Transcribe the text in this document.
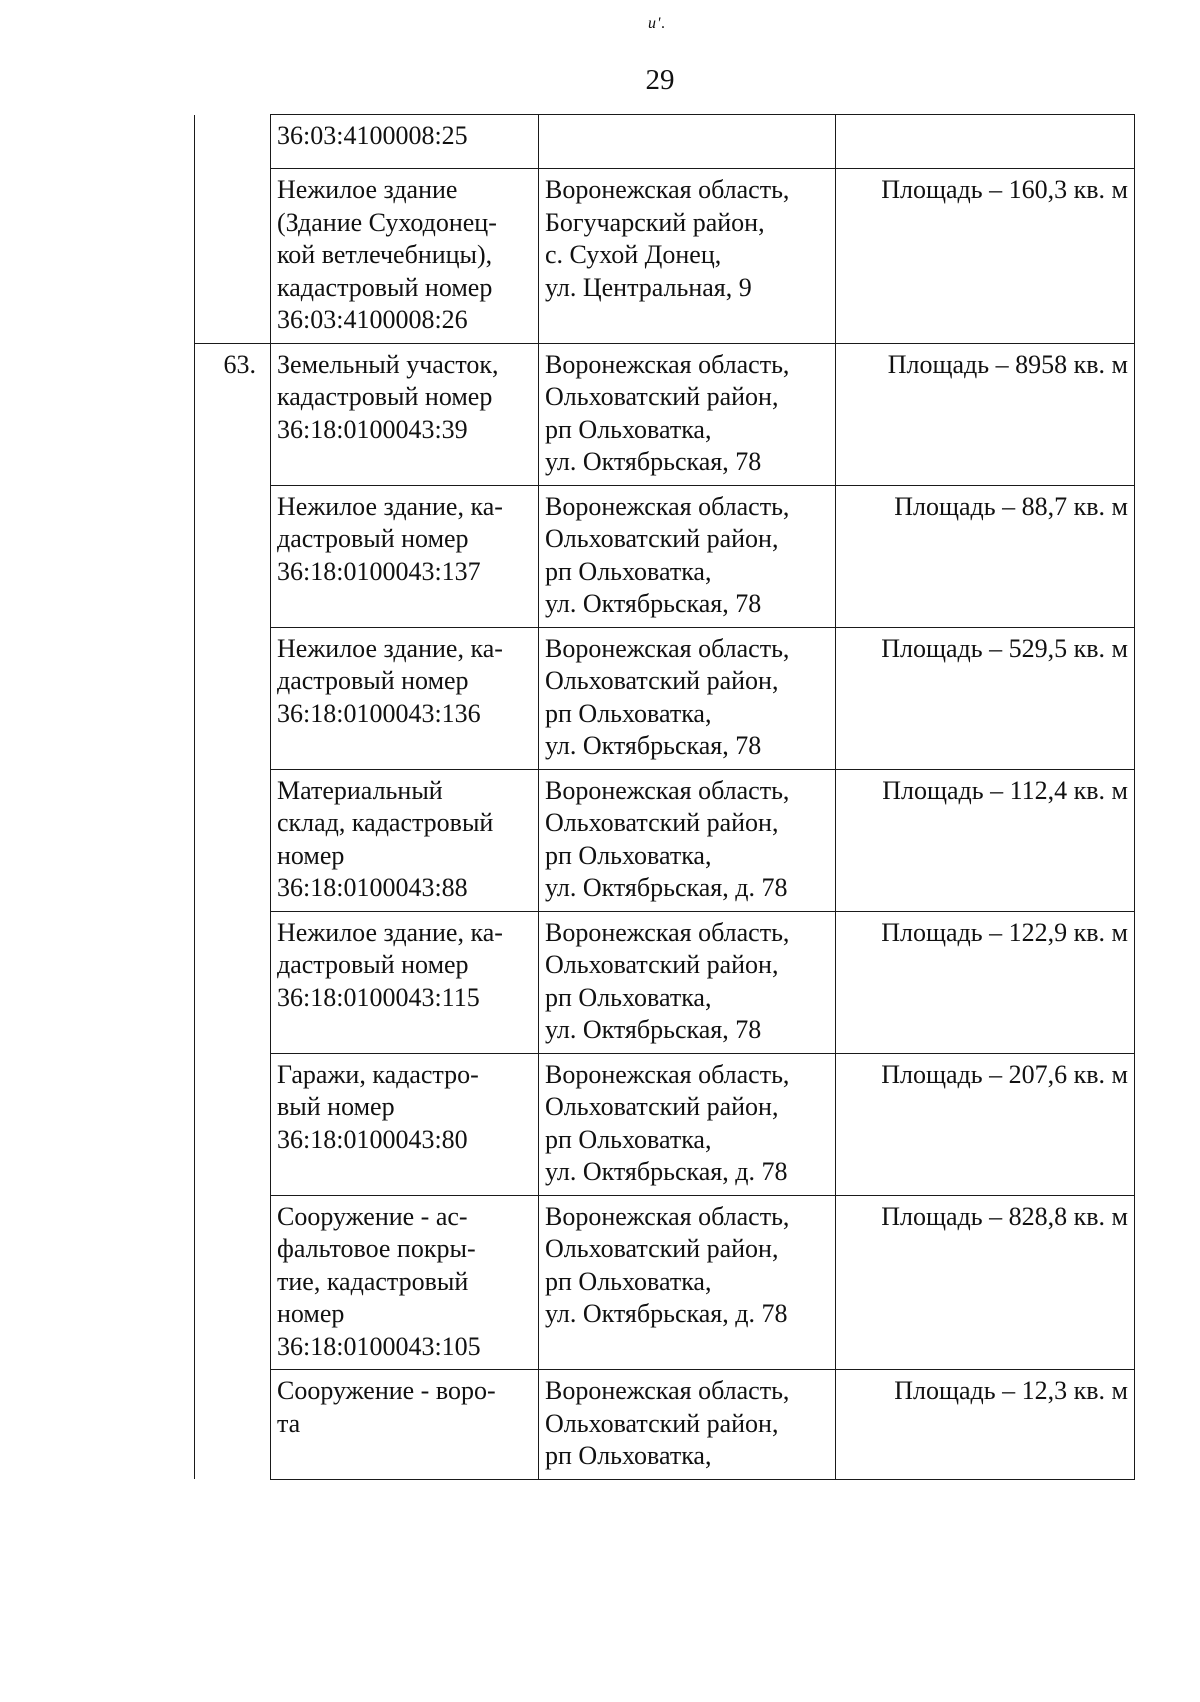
и'.
29

	36:03:4100008:25		

	Нежилое здание
(Здание Суходонец-
кой ветлечебницы),
кадастровый номер
36:03:4100008:26	Воронежская область,
Богучарский район,
с. Сухой Донец,
ул. Центральная, 9	Площадь – 160,3 кв. м

63.	Земельный участок,
кадастровый номер
36:18:0100043:39	Воронежская область,
Ольховатский район,
рп Ольховатка,
ул. Октябрьская, 78	Площадь – 8958 кв. м

	Нежилое здание, ка-
дастровый номер
36:18:0100043:137	Воронежская область,
Ольховатский район,
рп Ольховатка,
ул. Октябрьская, 78	Площадь – 88,7 кв. м

	Нежилое здание, ка-
дастровый номер
36:18:0100043:136	Воронежская область,
Ольховатский район,
рп Ольховатка,
ул. Октябрьская, 78	Площадь – 529,5 кв. м

	Материальный
склад, кадастровый
номер
36:18:0100043:88	Воронежская область,
Ольховатский район,
рп Ольховатка,
ул. Октябрьская, д. 78	Площадь – 112,4 кв. м

	Нежилое здание, ка-
дастровый номер
36:18:0100043:115	Воронежская область,
Ольховатский район,
рп Ольховатка,
ул. Октябрьская, 78	Площадь – 122,9 кв. м

	Гаражи, кадастро-
вый номер
36:18:0100043:80	Воронежская область,
Ольховатский район,
рп Ольховатка,
ул. Октябрьская, д. 78	Площадь – 207,6 кв. м

	Сооружение - ас-
фальтовое покры-
тие, кадастровый
номер
36:18:0100043:105	Воронежская область,
Ольховатский район,
рп Ольховатка,
ул. Октябрьская, д. 78	Площадь – 828,8 кв. м

	Сооружение - воро-
та	Воронежская область,
Ольховатский район,
рп Ольховатка,	Площадь – 12,3 кв. м
